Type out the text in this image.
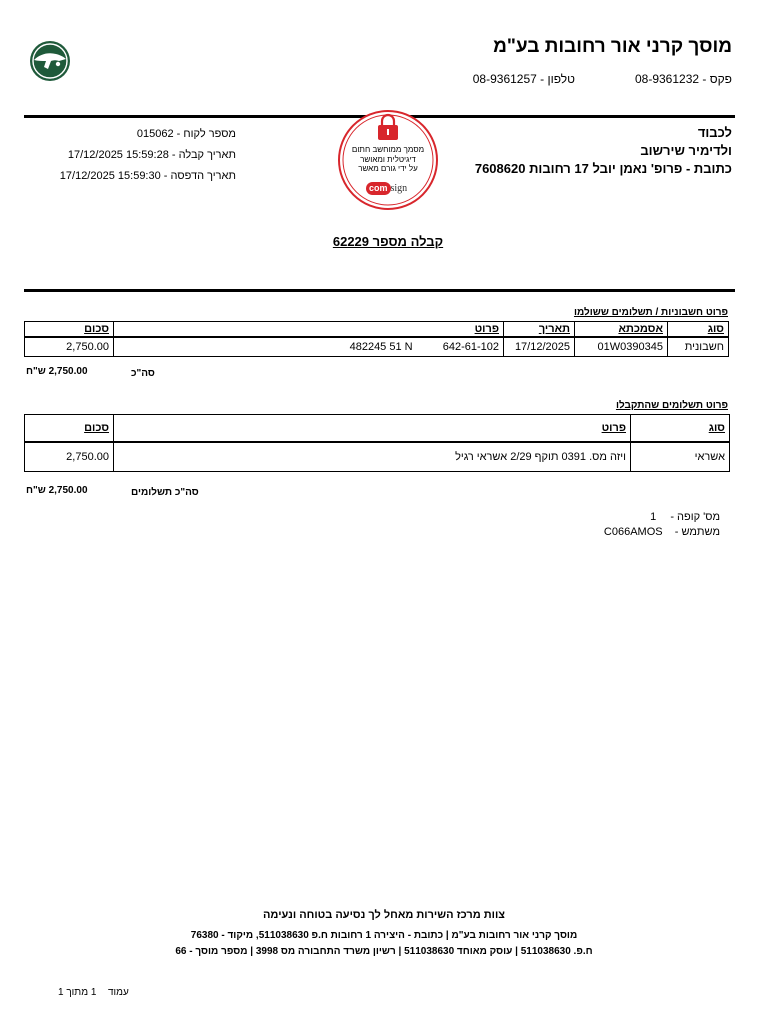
מוסך קרני אור רחובות בע"מ
פקס - 08-9361232
טלפון - 08-9361257
לכבוד
ולדימיר שירשוב
כתובת - פרופ' נאמן יובל 17 רחובות 7608620
מספר לקוח - 015062
תאריך קבלה - 17/12/2025 15:59:28
תאריך הדפסה - 15:59:30 17/12/2025
מסמך ממוחשב חתום
דיגיטלית ומאושר
על ידי גורם מאשר
com sign
קבלה מספר 62229
פרוט חשבוניות / תשלומים ששולמו
סוג	אסמכתא	תאריך	פרוט	סכום
חשבונית	01W0390345	17/12/2025	642-61-102  482245 51 N	2,750.00
סה"כ
2,750.00 ש"ח
פרוט תשלומים שהתקבלו
סוג	פרוט	סכום
אשראי	ויזה מס. 0391 תוקף 2/29 אשראי רגיל	2,750.00
סה"כ תשלומים
2,750.00 ש"ח
מס' קופה -  1
משתמש -  C066AMOS
צוות מרכז השירות מאחל לך נסיעה בטוחה ונעימה
מוסך קרני אור רחובות בע"מ | כתובת - היצירה 1 רחובות ח.פ 511038630, מיקוד - 76380
ח.פ. 511038630 | עוסק מאוחד 511038630 | רשיון משרד התחבורה מס 3998 | מספר מוסך - 66
עמוד  1 מתוך 1
